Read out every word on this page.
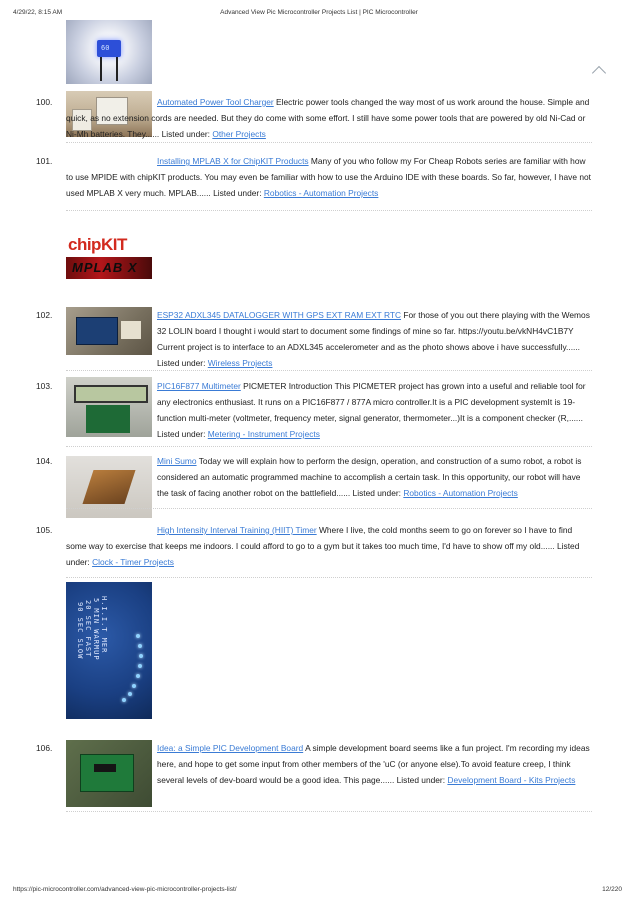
4/29/22, 8:15 AM	Advanced View Pic Microcontroller Projects List | PIC Microcontroller
https://pic-microcontroller.com/advanced-view-pic-microcontroller-projects-list/	12/220
60
100.	Automated Power Tool Charger Electric power tools changed the way most of us work around the house. Simple and quick, as no extension cords are needed. But they do come with some effort. I still have some power tools that are powered by old Ni-Cad or Ni-Mh batteries. They...... Listed under: Other Projects

101.	Installing MPLAB X for ChipKIT Products Many of you who follow my For Cheap Robots series are familiar with how to use MPIDE with chipKIT products. You may even be familiar with how to use the Arduino IDE with these boards. So far, however, I have not used MPLAB X very much. MPLAB...... Listed under: Robotics - Automation Projects

chipKIT
MPLAB X
102.	ESP32 ADXL345 DATALOGGER WITH GPS EXT RAM EXT RTC For those of you out there playing with the Wemos 32 LOLIN board I thought i would start to document some findings of mine so far. https://youtu.be/vkNH4vC1B7Y Current project is to interface to an ADXL345 accelerometer and as the photo shows above i have successfully...... Listed under: Wireless Projects

103.	PIC16F877 Multimeter PICMETER Introduction This PICMETER project has grown into a useful and reliable tool for any electronics enthusiast. It runs on a PIC16F877 / 877A micro controller.It is a PIC development systemIt is 19-function multi-meter (voltmeter, frequency meter, signal generator, thermometer...)It is a component checker (R,...... Listed under: Metering - Instrument Projects

104.	Mini Sumo Today we will explain how to perform the design, operation, and construction of a sumo robot, a robot is considered an automatic programmed machine to accomplish a certain task. In this opportunity, our robot will have the task of facing another robot on the battlefield...... Listed under: Robotics - Automation Projects

105.	High Intensity Interval Training (HIIT) Timer Where I live, the cold months seem to go on forever so I have to find some way to exercise that keeps me indoors. I could afford to go to a gym but it takes too much time, I'd have to show off my old...... Listed under: Clock - Timer Projects

H.I.I.T MER
5 MIN WARMUP
20 SEC FAST
90 SEC SLOW
106.	Idea: a Simple PIC Development Board A simple development board seems like a fun project. I'm recording my ideas here, and hope to get some input from other members of the 'uC (or anyone else).To avoid feature creep, I think several levels of dev-board would be a good idea. This page...... Listed under: Development Board - Kits Projects
